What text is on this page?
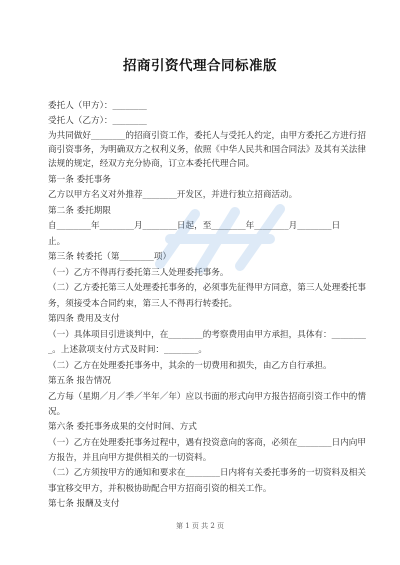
招商引资代理合同标准版
委托人（甲方）：________
受托人（乙方）：________
为共同做好________的招商引资工作，委托人与受托人约定，由甲方委托乙方进行招
商引资事务，为明确双方之权利义务，依照《中华人民共和国合同法》及其有关法律
法规的规定，经双方充分协商，订立本委托代理合同。
第一条 委托事务
乙方以甲方名义对外推荐________开发区，并进行独立招商活动。
第二条 委托期限
自________年________月________日起，至________年________月________日
止。
第三条 转委托（第________项）
（一）乙方不得再行委托第三人处理委托事务。
（二）乙方委托第三人处理委托事务的，必须事先征得甲方同意，第三人处理委托事
务，须接受本合同约束，第三人不得再行转委托。
第四条 费用及支付
（一）具体项目引进谈判中，在________的考察费用由甲方承担，具体有：________
_。上述款项支付方式及时间：________。
（二）乙方在处理委托事务中，其余的一切费用和损失，由乙方自行承担。
第五条 报告情况
乙方每（星期／月／季／半年／年）应以书面的形式向甲方报告招商引资工作中的情
况。
第六条 委托事务成果的交付时间、方式
（一）乙方在处理委托事务过程中，遇有投资意向的客商，必须在________日内向甲
方报告，并且向甲方提供相关的一切资料。
（二）乙方须按甲方的通知和要求在________日内将有关委托事务的一切资料及相关
事宜移交甲方，并积极协助配合甲方招商引资的相关工作。
第七条 报酬及支付
第 1 页 共 2 页
